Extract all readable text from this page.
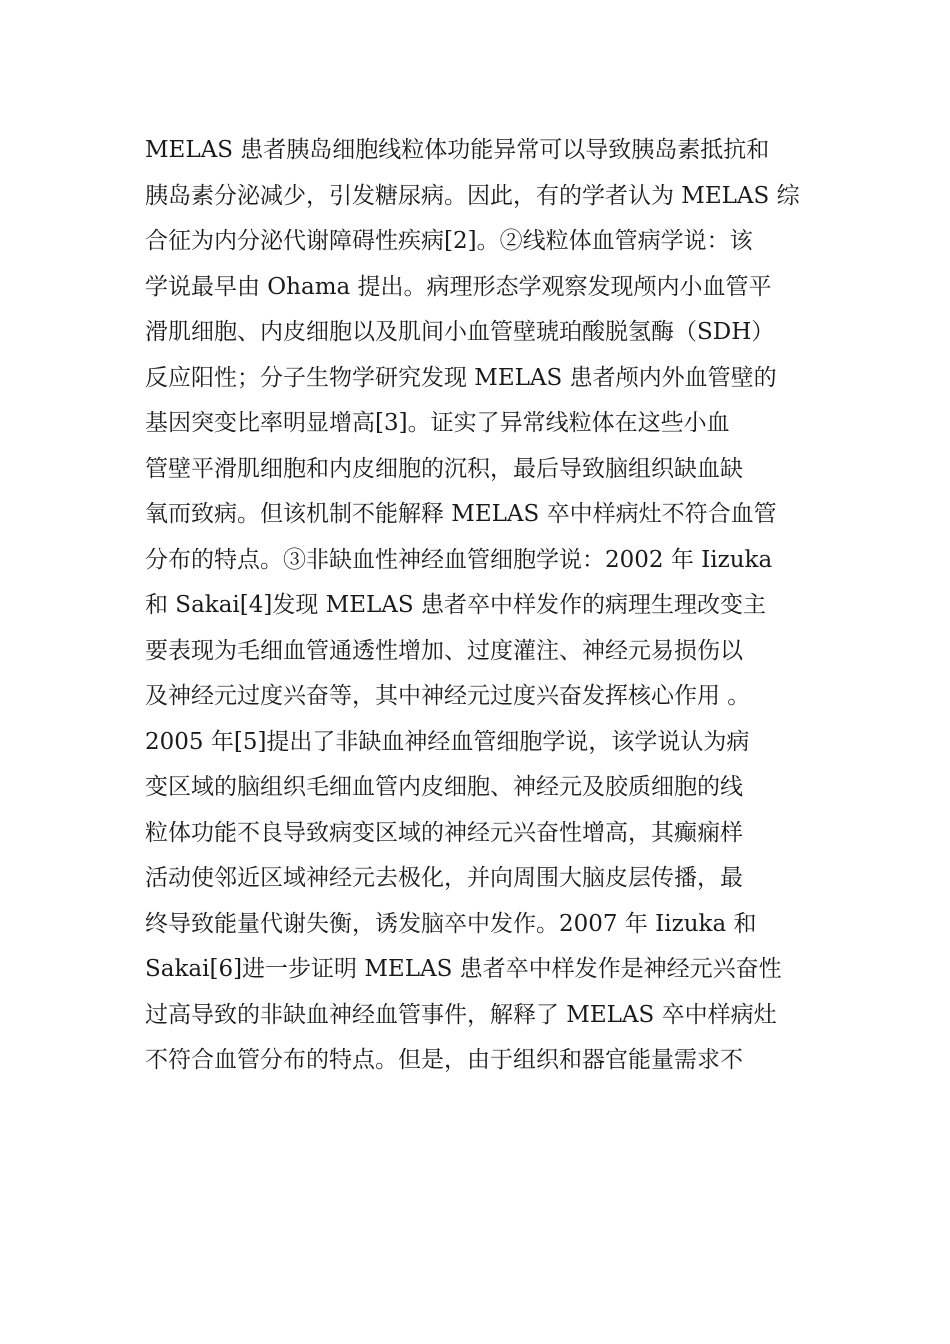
MELAS 患者胰岛细胞线粒体功能异常可以导致胰岛素抵抗和
胰岛素分泌减少，引发糖尿病。因此，有的学者认为 MELAS 综
合征为内分泌代谢障碍性疾病[2]。②线粒体血管病学说：该
学说最早由 Ohama 提出。病理形态学观察发现颅内小血管平
滑肌细胞、内皮细胞以及肌间小血管壁琥珀酸脱氢酶（SDH）
反应阳性；分子生物学研究发现 MELAS 患者颅内外血管壁的
基因突变比率明显增高[3]。证实了异常线粒体在这些小血
管壁平滑肌细胞和内皮细胞的沉积，最后导致脑组织缺血缺
氧而致病。但该机制不能解释 MELAS 卒中样病灶不符合血管
分布的特点。③非缺血性神经血管细胞学说：2002 年 Iizuka
和 Sakai[4]发现 MELAS 患者卒中样发作的病理生理改变主
要表现为毛细血管通透性增加、过度灌注、神经元易损伤以
及神经元过度兴奋等，其中神经元过度兴奋发挥核心作用 。
2005 年[5]提出了非缺血神经血管细胞学说，该学说认为病
变区域的脑组织毛细血管内皮细胞、神经元及胶质细胞的线
粒体功能不良导致病变区域的神经元兴奋性增高，其癫痫样
活动使邻近区域神经元去极化，并向周围大脑皮层传播，最
终导致能量代谢失衡，诱发脑卒中发作。2007 年 Iizuka 和
Sakai[6]进一步证明 MELAS 患者卒中样发作是神经元兴奋性
过高导致的非缺血神经血管事件，解释了 MELAS 卒中样病灶
不符合血管分布的特点。但是，由于组织和器官能量需求不
